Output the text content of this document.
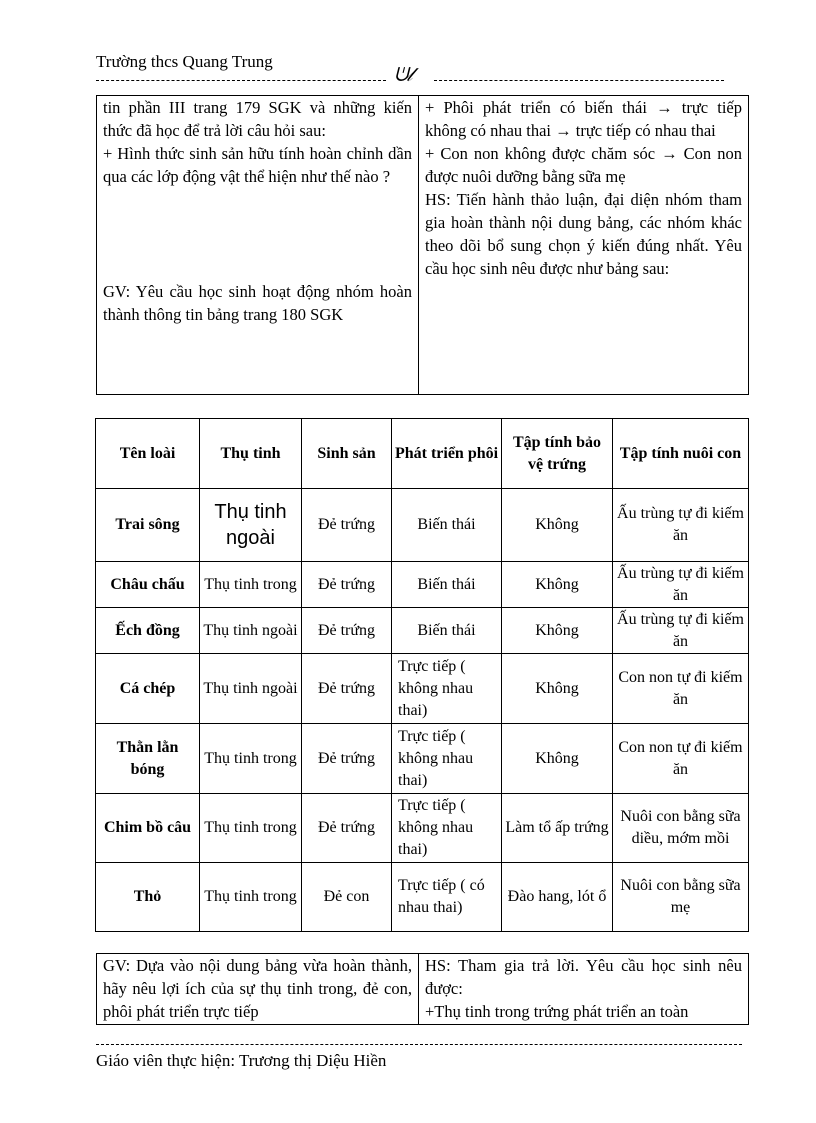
Trường thcs Quang Trung
ᕫ𝓁
tin phần III trang 179 SGK và những kiến thức đã học để trả lời câu hỏi sau:
+ Hình thức sinh sản hữu tính hoàn chỉnh dần qua các lớp động vật thể hiện như thế nào ?
GV: Yêu cầu học sinh hoạt động nhóm hoàn thành thông tin bảng trang 180 SGK

+ Phôi phát triển có biến thái → trực tiếp không có nhau thai → trực tiếp có nhau thai
+ Con non không được chăm sóc → Con non được nuôi dưỡng bằng sữa mẹ
HS: Tiến hành thảo luận, đại diện nhóm tham gia hoàn thành nội dung bảng, các nhóm khác theo dõi bổ sung chọn ý kiến đúng nhất. Yêu cầu học sinh nêu được như bảng sau:
Tên loài	Thụ tinh	Sinh sản	Phát triển phôi	Tập tính bảo vệ trứng	Tập tính nuôi con
Trai sông	Thụ tinh ngoài	Đẻ trứng	Biến thái	Không	Ấu trùng tự đi kiếm ăn
Châu chấu	Thụ tinh trong	Đẻ trứng	Biến thái	Không	Ấu trùng tự đi kiếm ăn
Ếch đồng	Thụ tinh ngoài	Đẻ trứng	Biến thái	Không	Ấu trùng tự đi kiếm ăn
Cá chép	Thụ tinh ngoài	Đẻ trứng	Trực tiếp ( không nhau thai)	Không	Con non tự đi kiếm ăn
Thằn lằn bóng	Thụ tinh trong	Đẻ trứng	Trực tiếp ( không nhau thai)	Không	Con non tự đi kiếm ăn
Chim bồ câu	Thụ tinh trong	Đẻ trứng	Trực tiếp ( không nhau thai)	Làm tổ ấp trứng	Nuôi con bằng sữa diều, mớm mồi
Thỏ	Thụ tinh trong	Đẻ con	Trực tiếp ( có nhau thai)	Đào hang, lót ổ	Nuôi con bằng sữa mẹ
GV: Dựa vào nội dung bảng vừa hoàn thành, hãy nêu lợi ích của sự thụ tinh trong, đẻ con, phôi phát triển trực tiếp

HS: Tham gia trả lời. Yêu cầu học sinh nêu được:
+Thụ tinh trong trứng phát triển an toàn
Giáo viên thực hiện: Trương thị Diệu Hiền
